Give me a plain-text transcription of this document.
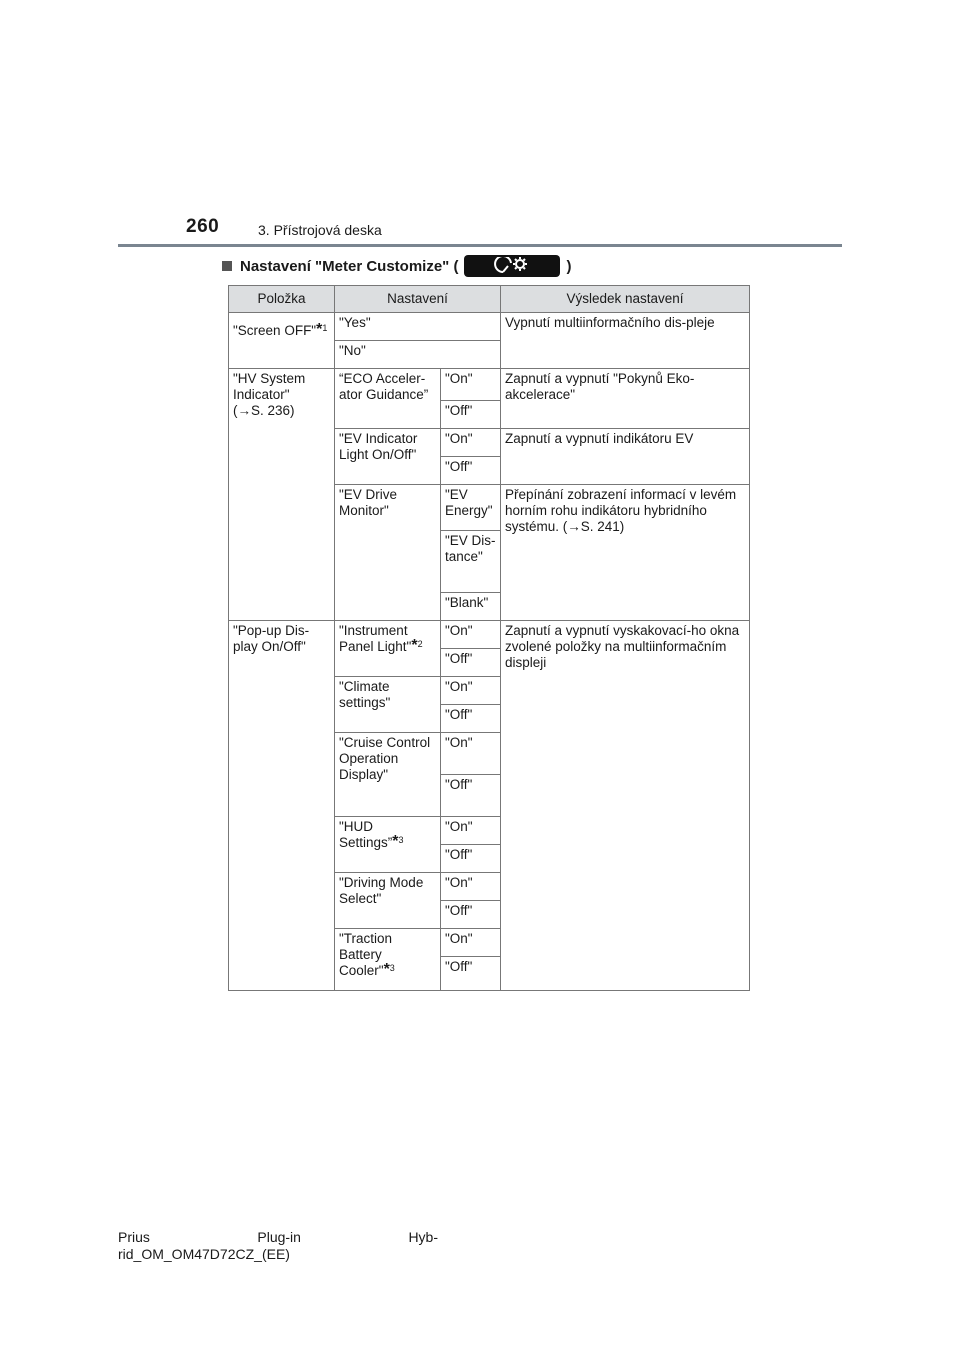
260	3. Přístrojová deska
Nastavení "Meter Customize" (	)
Položka	Nastavení		Výsledek nastavení
"Screen OFF"*$^1$	"Yes"		Vypnutí multiinformačního dis-pleje
	"No"		

"HV System Indicator"
(→S. 236)	“ECO Acceler-ator Guidance”	"On"	Zapnutí a vypnutí "Pokynů Eko-akcelerace"
		"Off"	
	"EV Indicator Light On/Off"	"On"	Zapnutí a vypnutí indikátoru EV
		"Off"	
	"EV Drive Monitor"	"EV Energy"	Přepínání zobrazení informací v levém horním rohu indikátoru hybridního systému. (→S. 241)
		"EV Dis-tance"	
		"Blank"	
"Pop-up Dis-play On/Off"	"Instrument Panel Light"*$^2$	"On"	Zapnutí a vypnutí vyskakovací-ho okna zvolené položky na multiinformačním displeji
		"Off"	
	"Climate settings"	"On"	
		"Off"	
	"Cruise Control Operation Display"	"On"	
		"Off"	
	"HUD Settings”*$^3$	"On"	
		"Off"	
	"Driving Mode Select"	"On"	
		"Off"	
	"Traction Battery Cooler"*$^3$	"On"	
		"Off"	
Prius	Plug-in	Hyb-
rid_OM_OM47D72CZ_(EE)
